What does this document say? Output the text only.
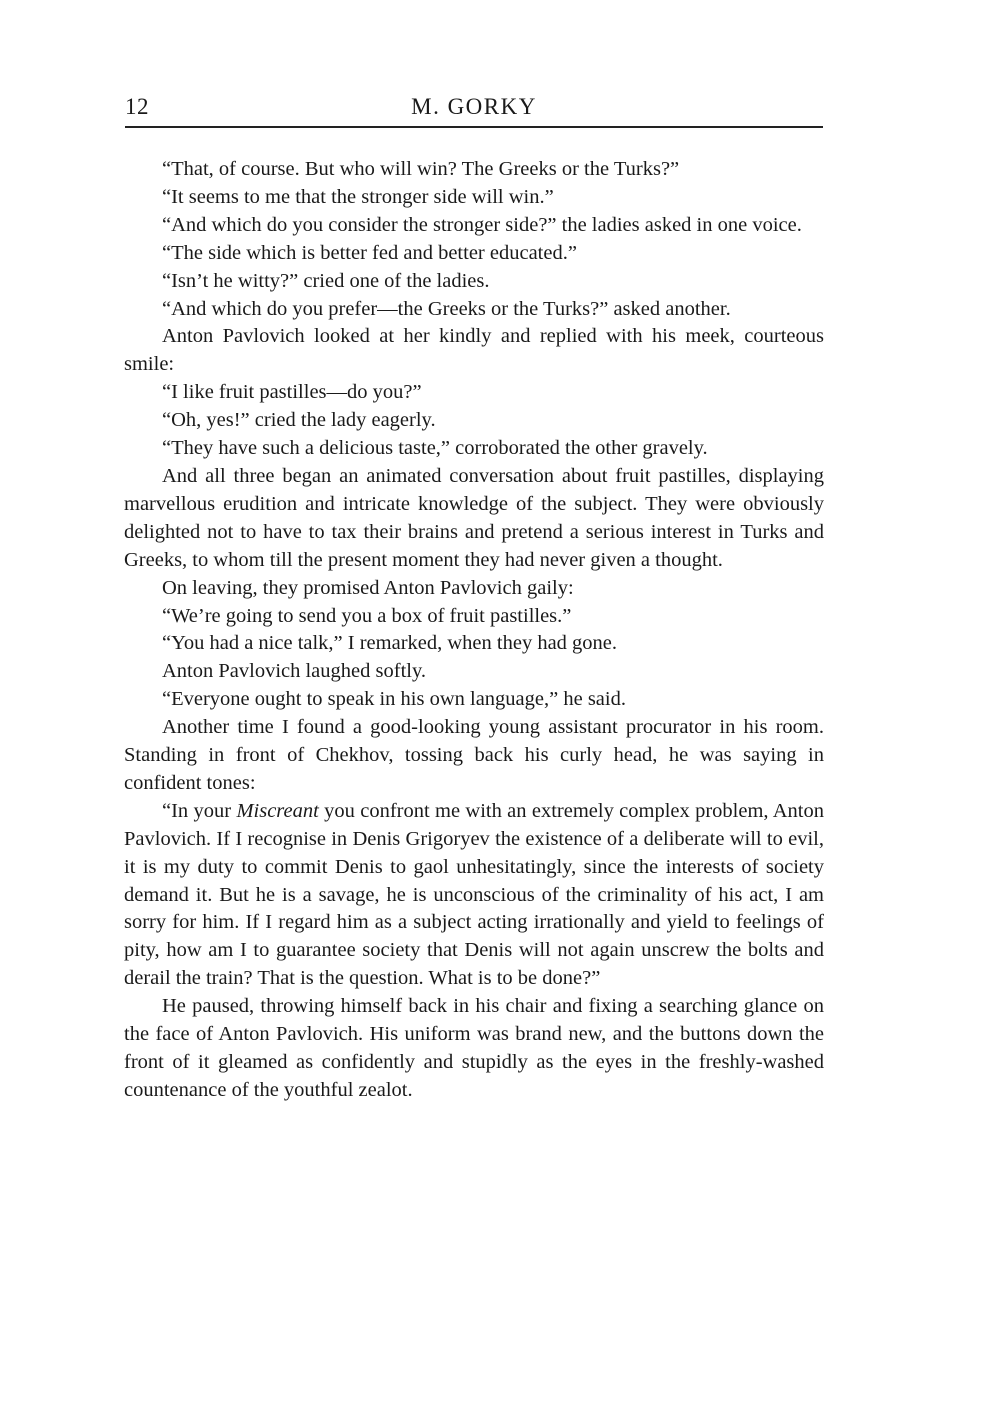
12	M. GORKY

“That, of course. But who will win? The Greeks or the Turks?”

“It seems to me that the stronger side will win.”

“And which do you consider the stronger side?” the ladies asked in one voice.

“The side which is better fed and better educated.”

“Isn’t he witty?” cried one of the ladies.

“And which do you prefer—the Greeks or the Turks?” asked another.

Anton Pavlovich looked at her kindly and replied with his meek, courteous smile:

“I like fruit pastilles—do you?”

“Oh, yes!” cried the lady eagerly.

“They have such a delicious taste,” corroborated the other gravely.

And all three began an animated conversation about fruit pastilles, displaying marvellous erudition and intricate knowledge of the subject. They were obviously delighted not to have to tax their brains and pretend a serious interest in Turks and Greeks, to whom till the present moment they had never given a thought.

On leaving, they promised Anton Pavlovich gaily:

“We’re going to send you a box of fruit pastilles.”

“You had a nice talk,” I remarked, when they had gone.

Anton Pavlovich laughed softly.

“Everyone ought to speak in his own language,” he said.

Another time I found a good-looking young assistant procurator in his room. Standing in front of Chekhov, tossing back his curly head, he was saying in confident tones:

“In your Miscreant you confront me with an extremely complex problem, Anton Pavlovich. If I recognise in Denis Grigoryev the existence of a deliberate will to evil, it is my duty to commit Denis to gaol unhesitatingly, since the interests of society demand it. But he is a savage, he is unconscious of the criminality of his act, I am sorry for him. If I regard him as a subject acting irrationally and yield to feelings of pity, how am I to guarantee society that Denis will not again unscrew the bolts and derail the train? That is the question. What is to be done?”

He paused, throwing himself back in his chair and fixing a searching glance on the face of Anton Pavlovich. His uniform was brand new, and the buttons down the front of it gleamed as confidently and stupidly as the eyes in the freshly-washed countenance of the youthful zealot.
